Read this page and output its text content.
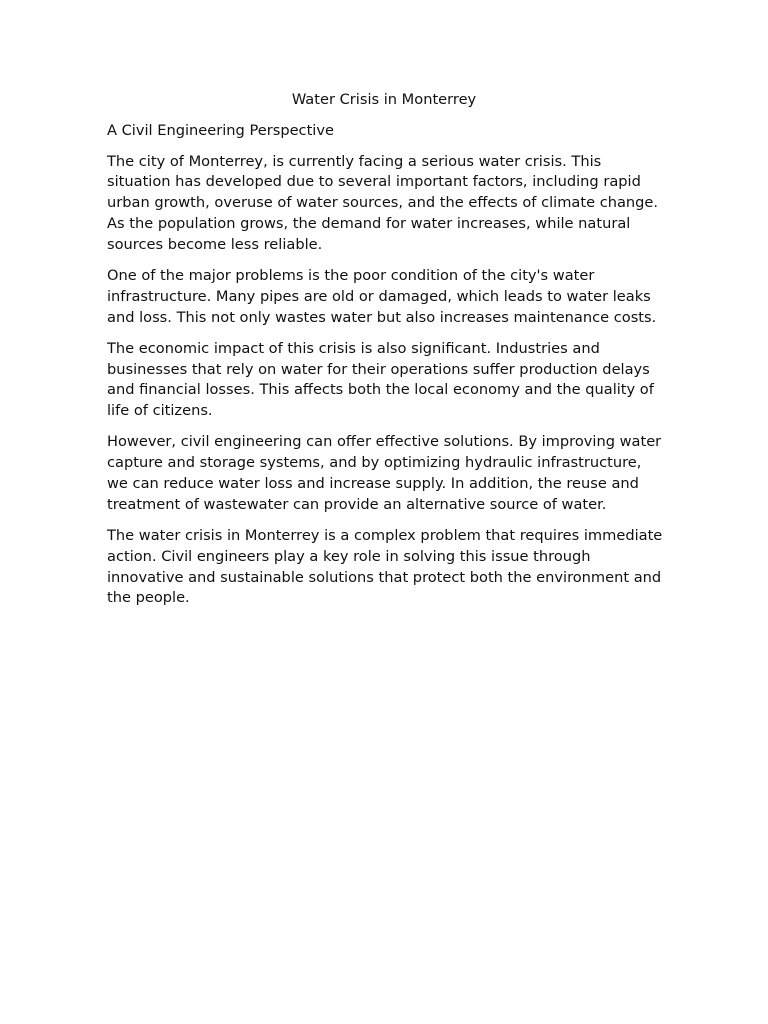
Water Crisis in Monterrey
A Civil Engineering Perspective

The city of Monterrey, is currently facing a serious water crisis. This situation has developed due to several important factors, including rapid urban growth, overuse of water sources, and the effects of climate change. As the population grows, the demand for water increases, while natural sources become less reliable.

One of the major problems is the poor condition of the city's water infrastructure. Many pipes are old or damaged, which leads to water leaks and loss. This not only wastes water but also increases maintenance costs.

The economic impact of this crisis is also significant. Industries and businesses that rely on water for their operations suffer production delays and financial losses. This affects both the local economy and the quality of life of citizens.

However, civil engineering can offer effective solutions. By improving water capture and storage systems, and by optimizing hydraulic infrastructure, we can reduce water loss and increase supply. In addition, the reuse and treatment of wastewater can provide an alternative source of water.

The water crisis in Monterrey is a complex problem that requires immediate action. Civil engineers play a key role in solving this issue through innovative and sustainable solutions that protect both the environment and the people.
